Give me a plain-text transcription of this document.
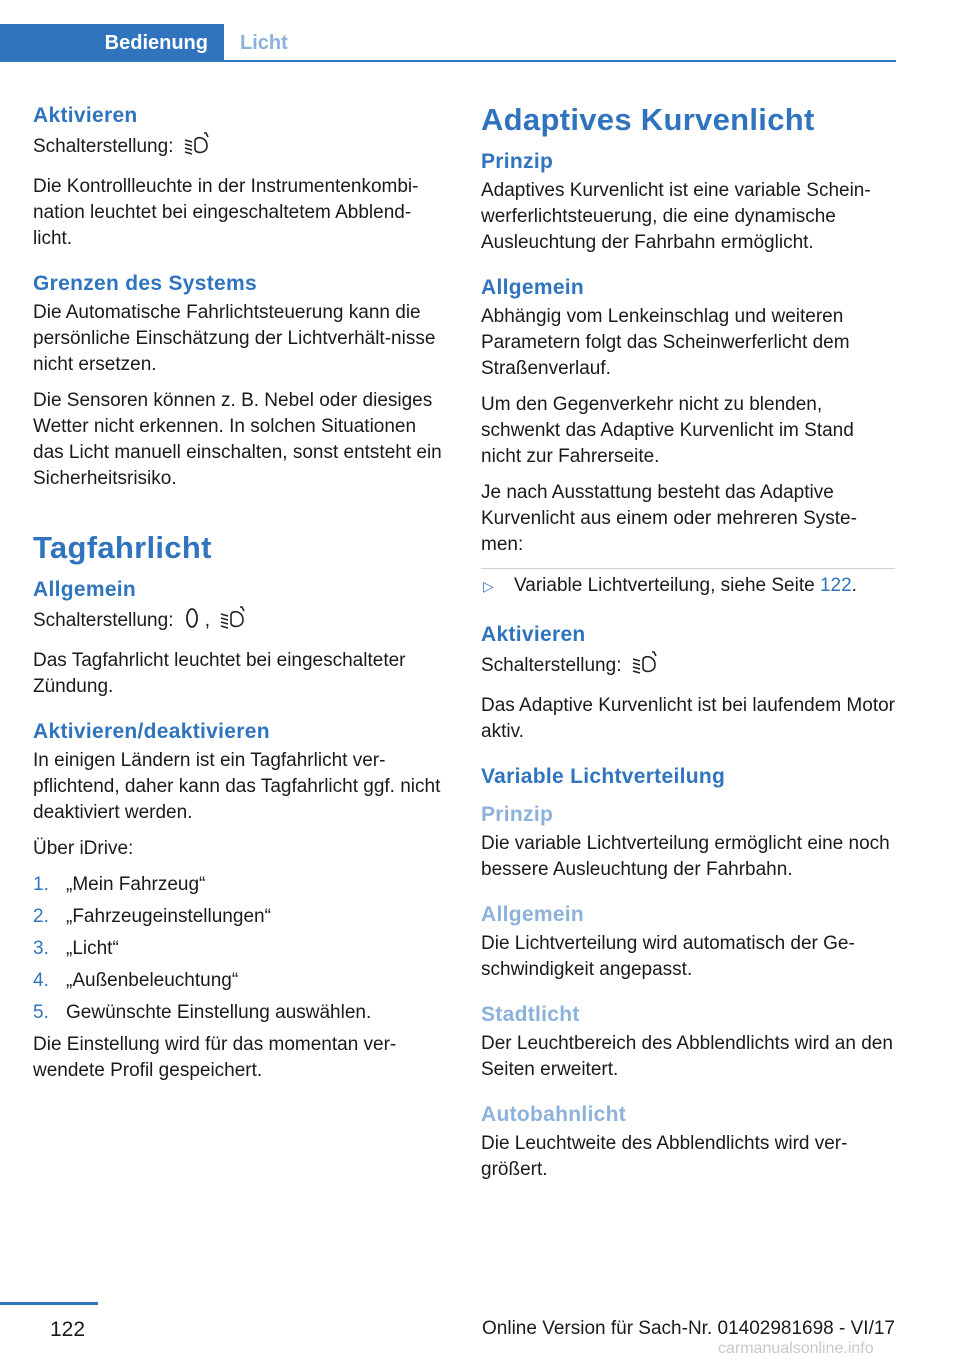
Bedienung Licht
Aktivieren

Schalterstellung:

Die Kontrollleuchte in der Instrumentenkombi-nation leuchtet bei eingeschaltetem Abblend-licht.

Grenzen des Systems

Die Automatische Fahrlichtsteuerung kann die persönliche Einschätzung der Lichtverhält-nisse nicht ersetzen.

Die Sensoren können z. B. Nebel oder diesiges Wetter nicht erkennen. In solchen Situationen das Licht manuell einschalten, sonst entsteht ein Sicherheitsrisiko.

Tagfahrlicht
Allgemein

Schalterstellung: ,

Das Tagfahrlicht leuchtet bei eingeschalteter Zündung.

Aktivieren/deaktivieren

In einigen Ländern ist ein Tagfahrlicht ver-pflichtend, daher kann das Tagfahrlicht ggf. nicht deaktiviert werden.

Über iDrive:

1. „Mein Fahrzeug“
2. „Fahrzeugeinstellungen“
3. „Licht“
4. „Außenbeleuchtung“
5. Gewünschte Einstellung auswählen.

Die Einstellung wird für das momentan ver-wendete Profil gespeichert.

Adaptives Kurvenlicht
Prinzip

Adaptives Kurvenlicht ist eine variable Schein-werferlichtsteuerung, die eine dynamische Ausleuchtung der Fahrbahn ermöglicht.

Allgemein

Abhängig vom Lenkeinschlag und weiteren Parametern folgt das Scheinwerferlicht dem Straßenverlauf.

Um den Gegenverkehr nicht zu blenden, schwenkt das Adaptive Kurvenlicht im Stand nicht zur Fahrerseite.

Je nach Ausstattung besteht das Adaptive Kurvenlicht aus einem oder mehreren Syste-men:

▷ Variable Lichtverteilung, siehe Seite 122.
Aktivieren

Schalterstellung:

Das Adaptive Kurvenlicht ist bei laufendem Motor aktiv.

Variable Lichtverteilung
Prinzip

Die variable Lichtverteilung ermöglicht eine noch bessere Ausleuchtung der Fahrbahn.

Allgemein

Die Lichtverteilung wird automatisch der Ge-schwindigkeit angepasst.

Stadtlicht

Der Leuchtbereich des Abblendlichts wird an den Seiten erweitert.

Autobahnlicht

Die Leuchtweite des Abblendlichts wird ver-größert.

122	Online Version für Sach-Nr. 01402981698 - VI/17
carmanualsonline.info
